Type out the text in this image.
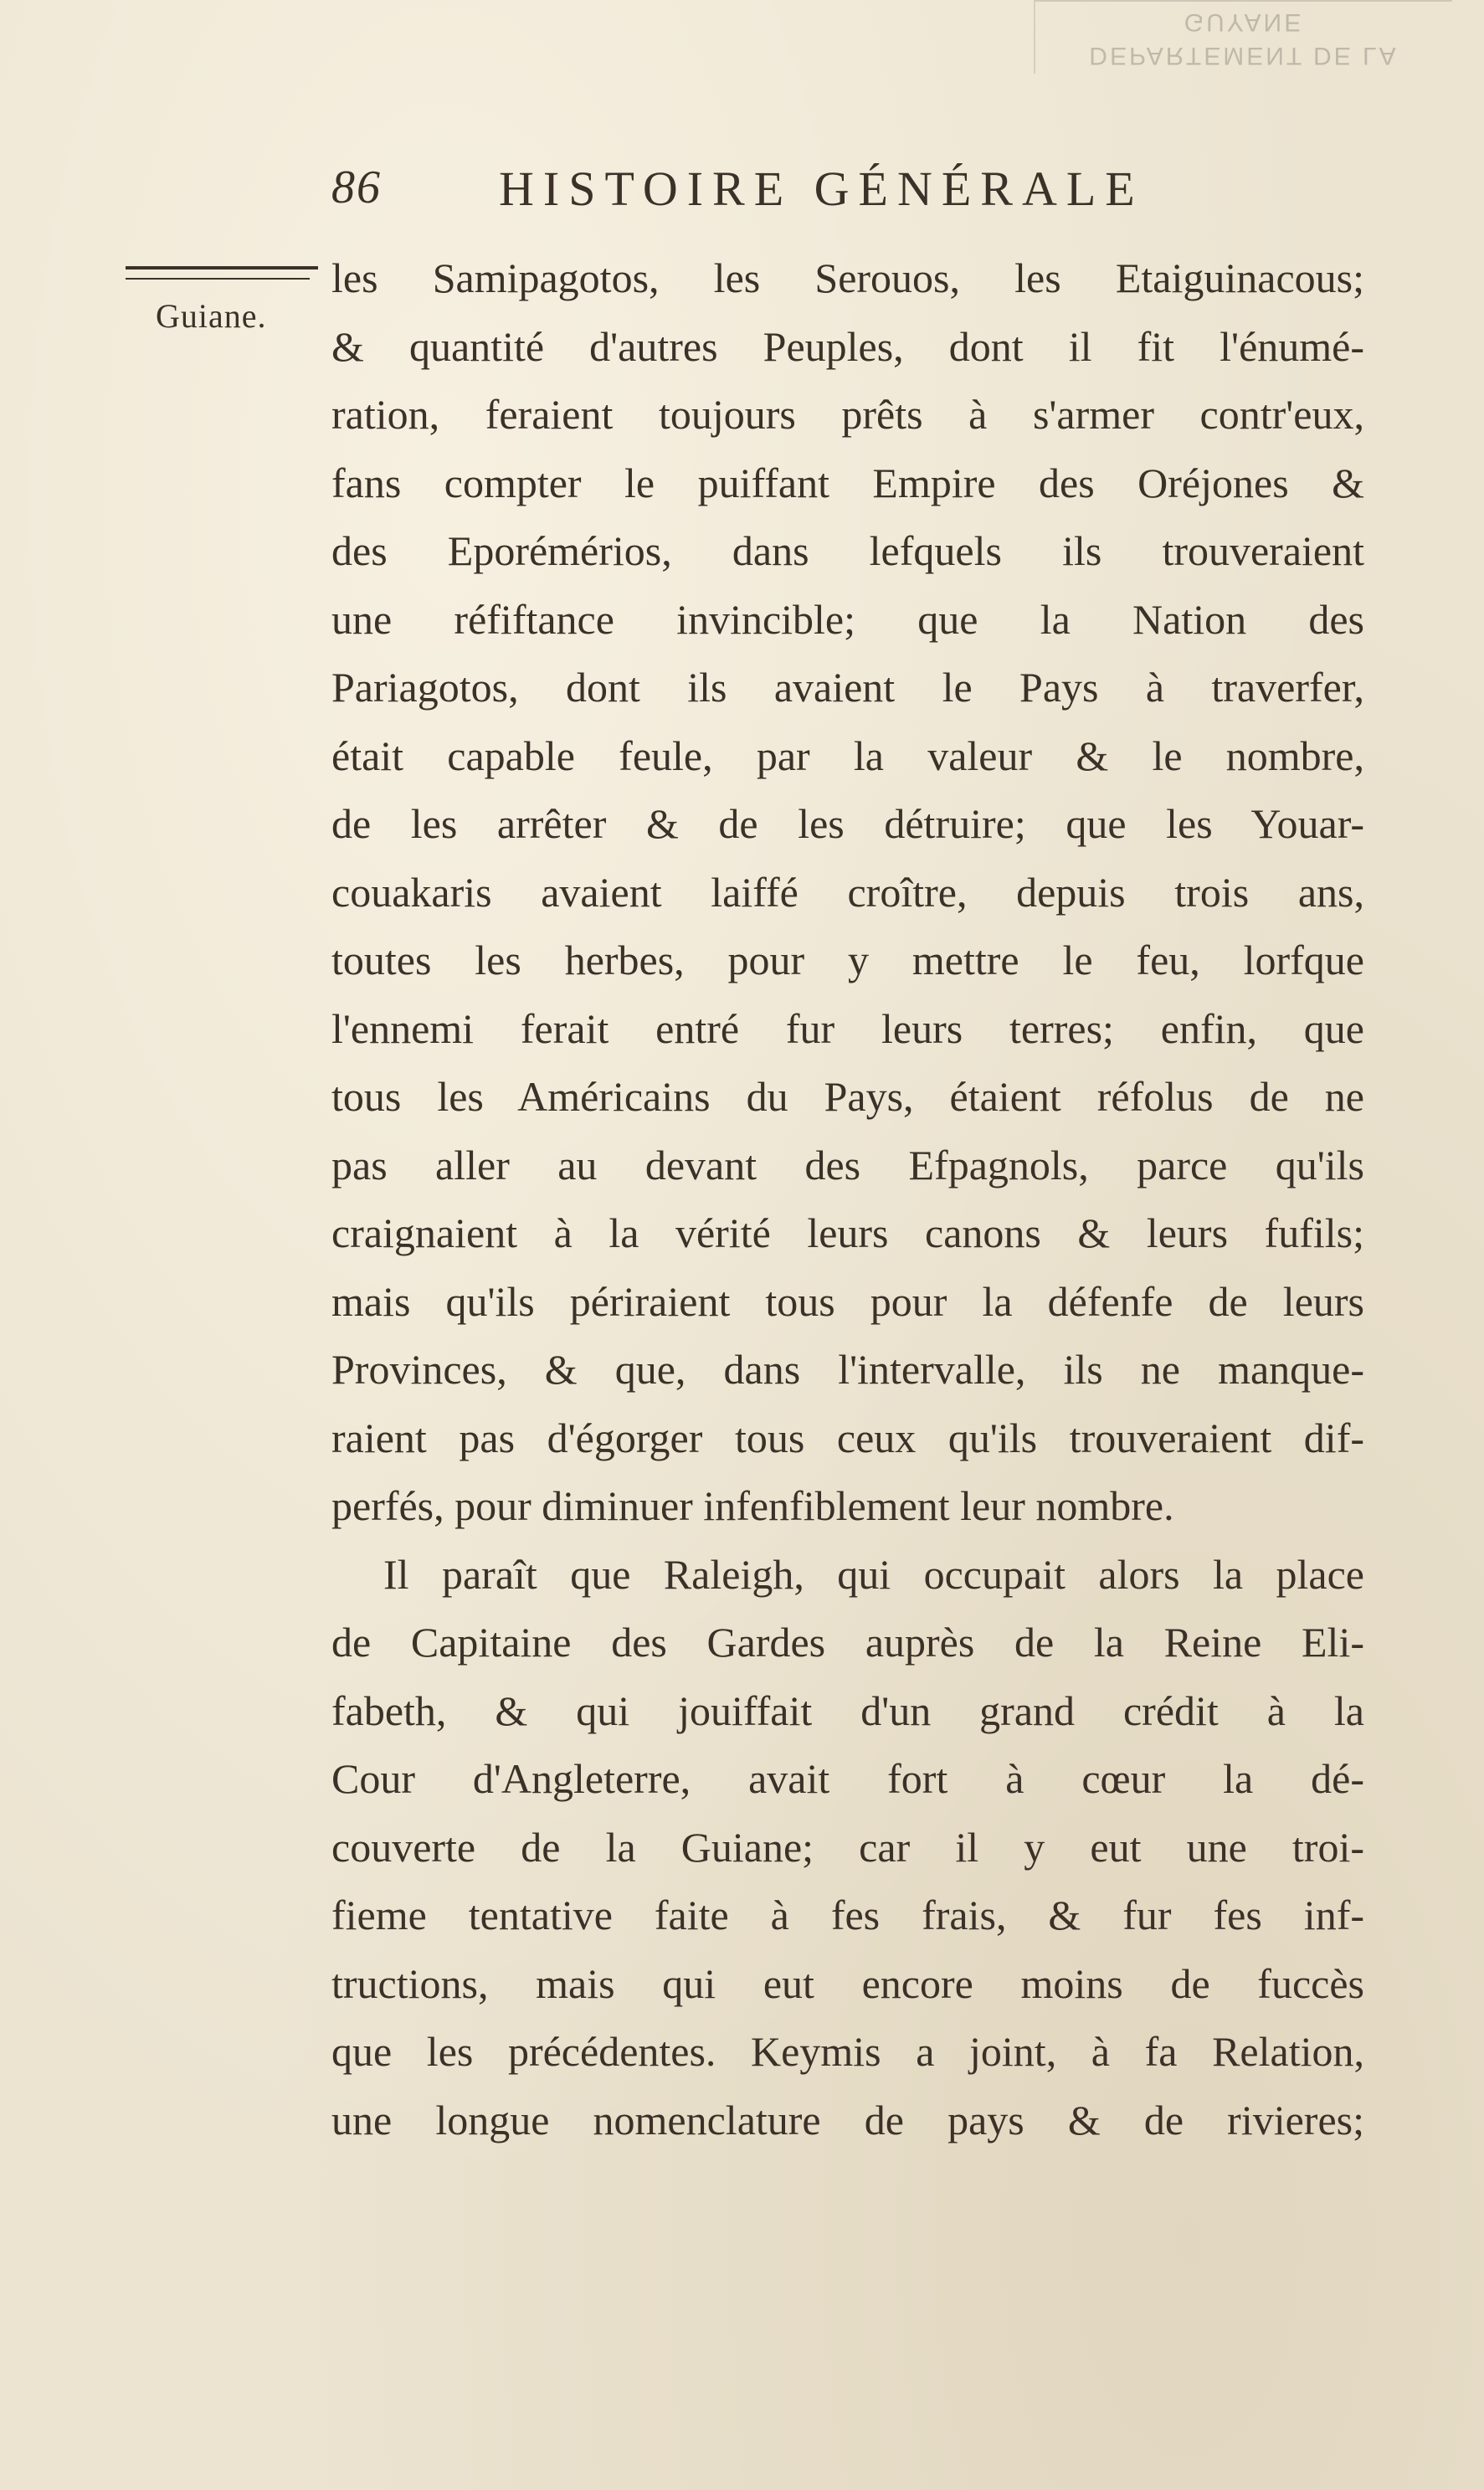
DEPARTEMENT DE LA GUYANE
86 HISTOIRE GÉNÉRALE
Guiane.
les Samipagotos, les Serouos, les Etaiguinacous;
& quantité d'autres Peuples, dont il fit l'énumé-
ration, feraient toujours prêts à s'armer contr'eux,
fans compter le puiffant Empire des Oréjones &
des Eporémérios, dans lefquels ils trouveraient
une réfiftance invincible; que la Nation des
Pariagotos, dont ils avaient le Pays à traverfer,
était capable feule, par la valeur & le nombre,
de les arrêter & de les détruire; que les Youar-
couakaris avaient laiffé croître, depuis trois ans,
toutes les herbes, pour y mettre le feu, lorfque
l'ennemi ferait entré fur leurs terres; enfin, que
tous les Américains du Pays, étaient réfolus de ne
pas aller au devant des Efpagnols, parce qu'ils
craignaient à la vérité leurs canons & leurs fufils;
mais qu'ils périraient tous pour la défenfe de leurs
Provinces, & que, dans l'intervalle, ils ne manque-
raient pas d'égorger tous ceux qu'ils trouveraient dif-
perfés, pour diminuer infenfiblement leur nombre.
Il paraît que Raleigh, qui occupait alors la place
de Capitaine des Gardes auprès de la Reine Eli-
fabeth, & qui jouiffait d'un grand crédit à la
Cour d'Angleterre, avait fort à cœur la dé-
couverte de la Guiane; car il y eut une troi-
fieme tentative faite à fes frais, & fur fes inf-
tructions, mais qui eut encore moins de fuccès
que les précédentes. Keymis a joint, à fa Relation,
une longue nomenclature de pays & de rivieres;
